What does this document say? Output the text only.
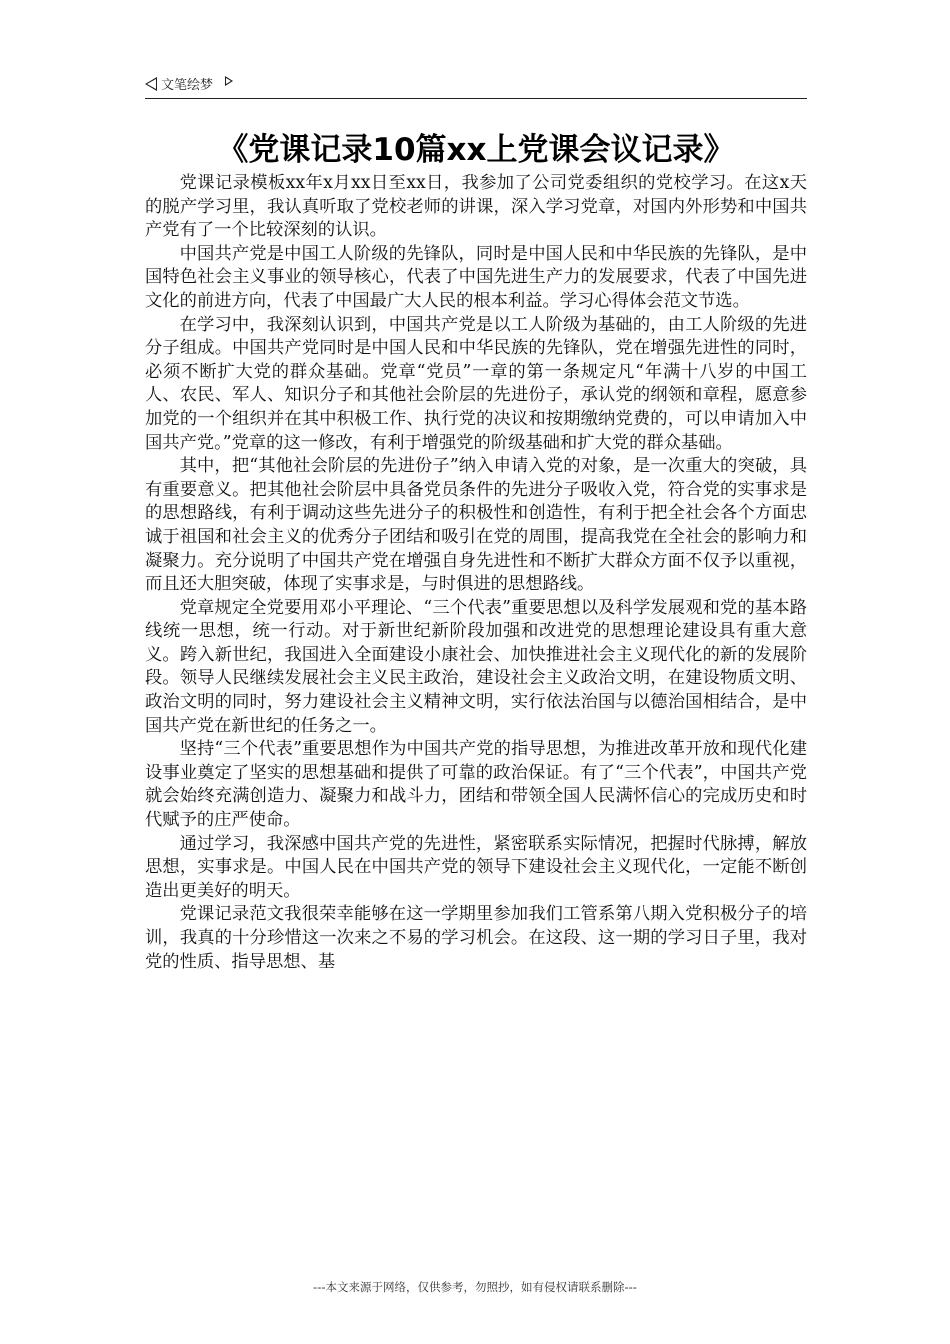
文笔绘梦
《党课记录10篇xx上党课会议记录》

党课记录模板xx年x月xx日至xx日，我参加了公司党委组织的党校学习。在这x天的脱产学习里，我认真听取了党校老师的讲课，深入学习党章，对国内外形势和中国共产党有了一个比较深刻的认识。

中国共产党是中国工人阶级的先锋队，同时是中国人民和中华民族的先锋队，是中国特色社会主义事业的领导核心，代表了中国先进生产力的发展要求，代表了中国先进文化的前进方向，代表了中国最广大人民的根本利益。学习心得体会范文节选。

在学习中，我深刻认识到，中国共产党是以工人阶级为基础的，由工人阶级的先进分子组成。中国共产党同时是中国人民和中华民族的先锋队，党在增强先进性的同时，必须不断扩大党的群众基础。党章“党员”一章的第一条规定凡“年满十八岁的中国工人、农民、军人、知识分子和其他社会阶层的先进份子，承认党的纲领和章程，愿意参加党的一个组织并在其中积极工作、执行党的决议和按期缴纳党费的，可以申请加入中国共产党。”党章的这一修改，有利于增强党的阶级基础和扩大党的群众基础。

其中，把“其他社会阶层的先进份子”纳入申请入党的对象，是一次重大的突破，具有重要意义。把其他社会阶层中具备党员条件的先进分子吸收入党，符合党的实事求是的思想路线，有利于调动这些先进分子的积极性和创造性，有利于把全社会各个方面忠诚于祖国和社会主义的优秀分子团结和吸引在党的周围，提高我党在全社会的影响力和凝聚力。充分说明了中国共产党在增强自身先进性和不断扩大群众方面不仅予以重视，而且还大胆突破，体现了实事求是，与时俱进的思想路线。

党章规定全党要用邓小平理论、“三个代表”重要思想以及科学发展观和党的基本路线统一思想，统一行动。对于新世纪新阶段加强和改进党的思想理论建设具有重大意义。跨入新世纪，我国进入全面建设小康社会、加快推进社会主义现代化的新的发展阶段。领导人民继续发展社会主义民主政治，建设社会主义政治文明，在建设物质文明、政治文明的同时，努力建设社会主义精神文明，实行依法治国与以德治国相结合，是中国共产党在新世纪的任务之一。

坚持“三个代表”重要思想作为中国共产党的指导思想，为推进改革开放和现代化建设事业奠定了坚实的思想基础和提供了可靠的政治保证。有了“三个代表”，中国共产党就会始终充满创造力、凝聚力和战斗力，团结和带领全国人民满怀信心的完成历史和时代赋予的庄严使命。

通过学习，我深感中国共产党的先进性，紧密联系实际情况，把握时代脉搏，解放思想，实事求是。中国人民在中国共产党的领导下建设社会主义现代化，一定能不断创造出更美好的明天。

党课记录范文我很荣幸能够在这一学期里参加我们工管系第八期入党积极分子的培训，我真的十分珍惜这一次来之不易的学习机会。在这段、这一期的学习日子里，我对党的性质、指导思想、基

---本文来源于网络，仅供参考，勿照抄，如有侵权请联系删除---
